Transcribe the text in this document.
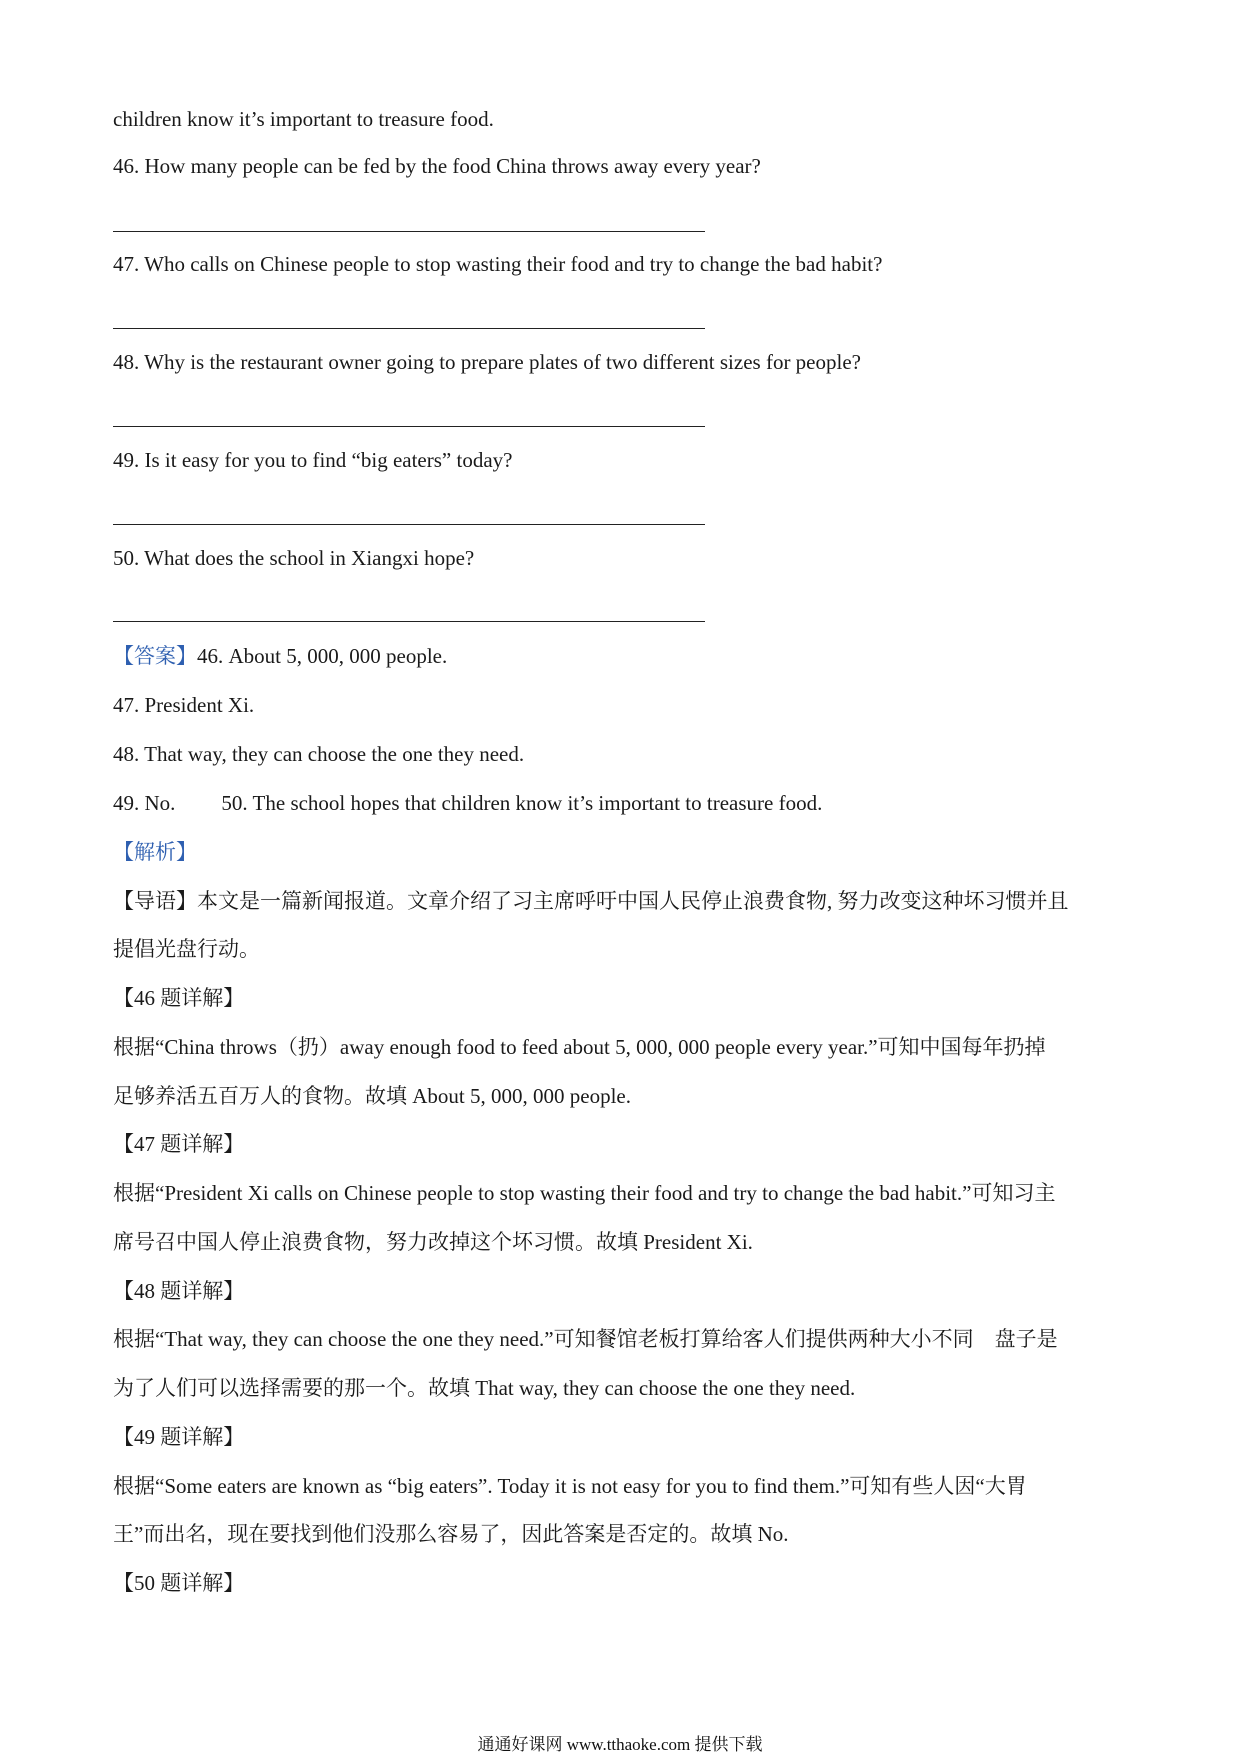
children know it’s important to treasure food.
46. How many people can be fed by the food China throws away every year?
47. Who calls on Chinese people to stop wasting their food and try to change the bad habit?
48. Why is the restaurant owner going to prepare plates of two different sizes for people?
49. Is it easy for you to find “big eaters” today?
50. What does the school in Xiangxi hope?
【答案】46. About 5, 000, 000 people.
47. President Xi.
48. That way, they can choose the one they need.
49. No. 50. The school hopes that children know it’s important to treasure food.
【解析】
【导语】本文是一篇新闻报道。文章介绍了习主席呼吁中国人民停止浪费食物, 努力改变这种坏习惯并且
提倡光盘行动。
【46 题详解】
根据“China throws（扔）away enough food to feed about 5, 000, 000 people every year.”可知中国每年扔掉
足够养活五百万人的食物。故填 About 5, 000, 000 people.
【47 题详解】
根据“President Xi calls on Chinese people to stop wasting their food and try to change the bad habit.”可知习主
席号召中国人停止浪费食物，努力改掉这个坏习惯。故填 President Xi.
【48 题详解】
根据“That way, they can choose the one they need.”可知餐馆老板打算给客人们提供两种大小不同　盘子是
为了人们可以选择需要的那一个。故填 That way, they can choose the one they need.
【49 题详解】
根据“Some eaters are known as “big eaters”. Today it is not easy for you to find them.”可知有些人因“大胃
王”而出名，现在要找到他们没那么容易了，因此答案是否定的。故填 No.
【50 题详解】
通通好课网 www.tthaoke.com 提供下载
